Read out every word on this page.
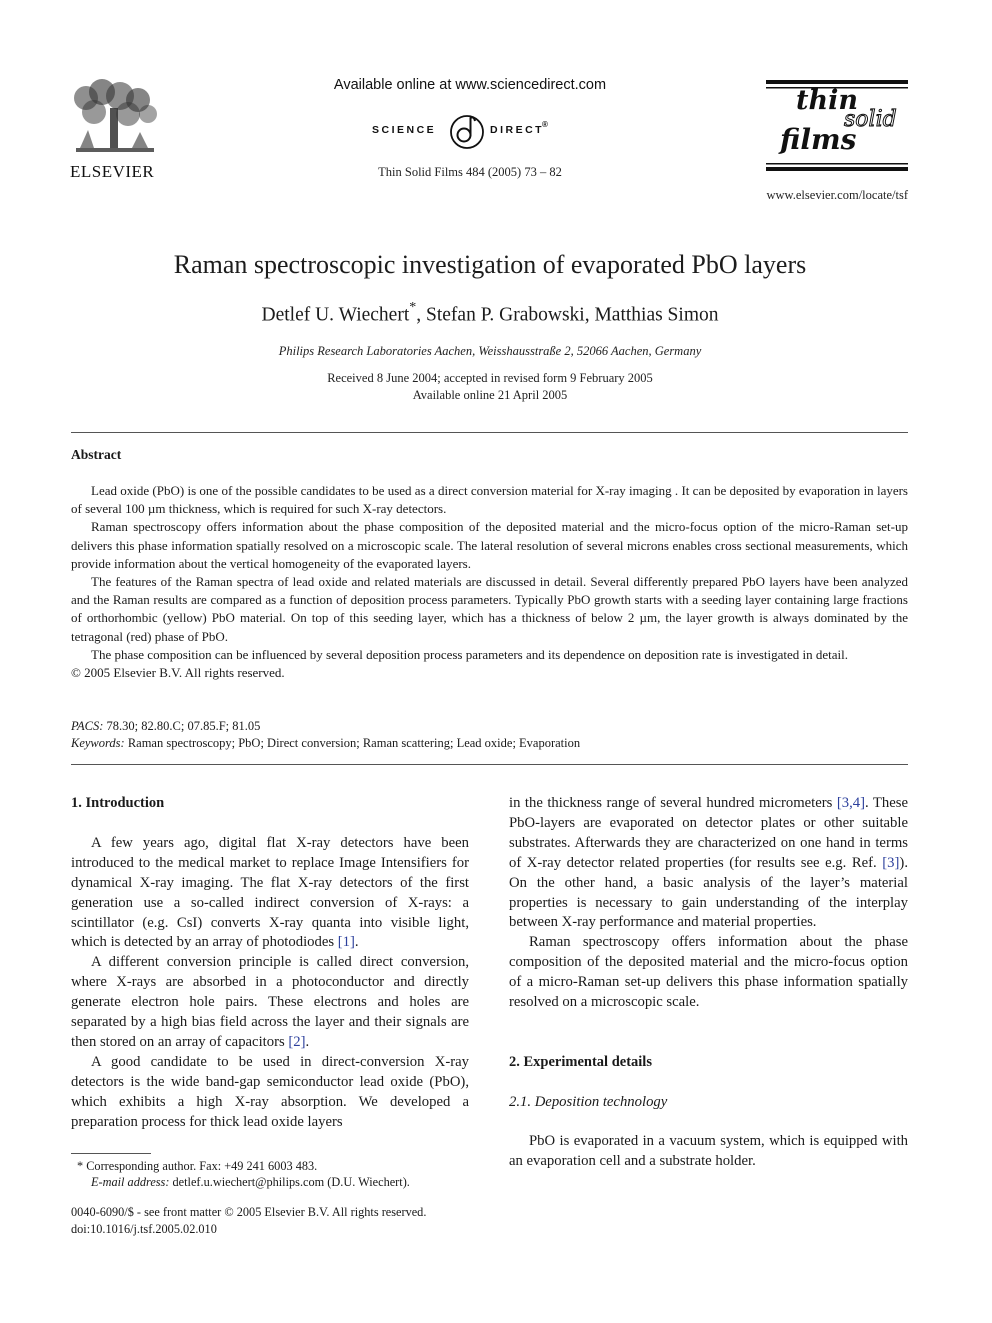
ELSEVIER
Available online at www.sciencedirect.com
SCIENCE	DIRECT
®
Thin Solid Films 484 (2005) 73 – 82
thin
solid
films
www.elsevier.com/locate/tsf
Raman spectroscopic investigation of evaporated PbO layers
Detlef U. Wiechert*, Stefan P. Grabowski, Matthias Simon
Philips Research Laboratories Aachen, Weisshausstraße 2, 52066 Aachen, Germany
Received 8 June 2004; accepted in revised form 9 February 2005
Available online 21 April 2005
Abstract

Lead oxide (PbO) is one of the possible candidates to be used as a direct conversion material for X-ray imaging . It can be deposited by evaporation in layers of several 100 µm thickness, which is required for such X-ray detectors.

Raman spectroscopy offers information about the phase composition of the deposited material and the micro-focus option of the micro-Raman set-up delivers this phase information spatially resolved on a microscopic scale. The lateral resolution of several microns enables cross sectional measurements, which provide information about the vertical homogeneity of the evaporated layers.

The features of the Raman spectra of lead oxide and related materials are discussed in detail. Several differently prepared PbO layers have been analyzed and the Raman results are compared as a function of deposition process parameters. Typically PbO growth starts with a seeding layer containing large fractions of orthorhombic (yellow) PbO material. On top of this seeding layer, which has a thickness of below 2 µm, the layer growth is always dominated by the tetragonal (red) phase of PbO.

The phase composition can be influenced by several deposition process parameters and its dependence on deposition rate is investigated in detail.

© 2005 Elsevier B.V. All rights reserved.

PACS: 78.30; 82.80.C; 07.85.F; 81.05
Keywords: Raman spectroscopy; PbO; Direct conversion; Raman scattering; Lead oxide; Evaporation
1. Introduction

A few years ago, digital flat X-ray detectors have been introduced to the medical market to replace Image Intensifiers for dynamical X-ray imaging. The flat X-ray detectors of the first generation use a so-called indirect conversion of X-rays: a scintillator (e.g. CsI) converts X-ray quanta into visible light, which is detected by an array of photodiodes [1].

A different conversion principle is called direct conversion, where X-rays are absorbed in a photoconductor and directly generate electron hole pairs. These electrons and holes are separated by a high bias field across the layer and their signals are then stored on an array of capacitors [2].

A good candidate to be used in direct-conversion X-ray detectors is the wide band-gap semiconductor lead oxide (PbO), which exhibits a high X-ray absorption. We developed a preparation process for thick lead oxide layers

in the thickness range of several hundred micrometers [3,4]. These PbO-layers are evaporated on detector plates or other suitable substrates. Afterwards they are characterized on one hand in terms of X-ray detector related properties (for results see e.g. Ref. [3]). On the other hand, a basic analysis of the layer’s material properties is necessary to gain understanding of the interplay between X-ray performance and material properties.

Raman spectroscopy offers information about the phase composition of the deposited material and the micro-focus option of a micro-Raman set-up delivers this phase information spatially resolved on a microscopic scale.

2. Experimental details
2.1. Deposition technology

PbO is evaporated in a vacuum system, which is equipped with an evaporation cell and a substrate holder.

* Corresponding author. Fax: +49 241 6003 483.
E-mail address: detlef.u.wiechert@philips.com (D.U. Wiechert).
0040-6090/$ - see front matter © 2005 Elsevier B.V. All rights reserved.
doi:10.1016/j.tsf.2005.02.010
